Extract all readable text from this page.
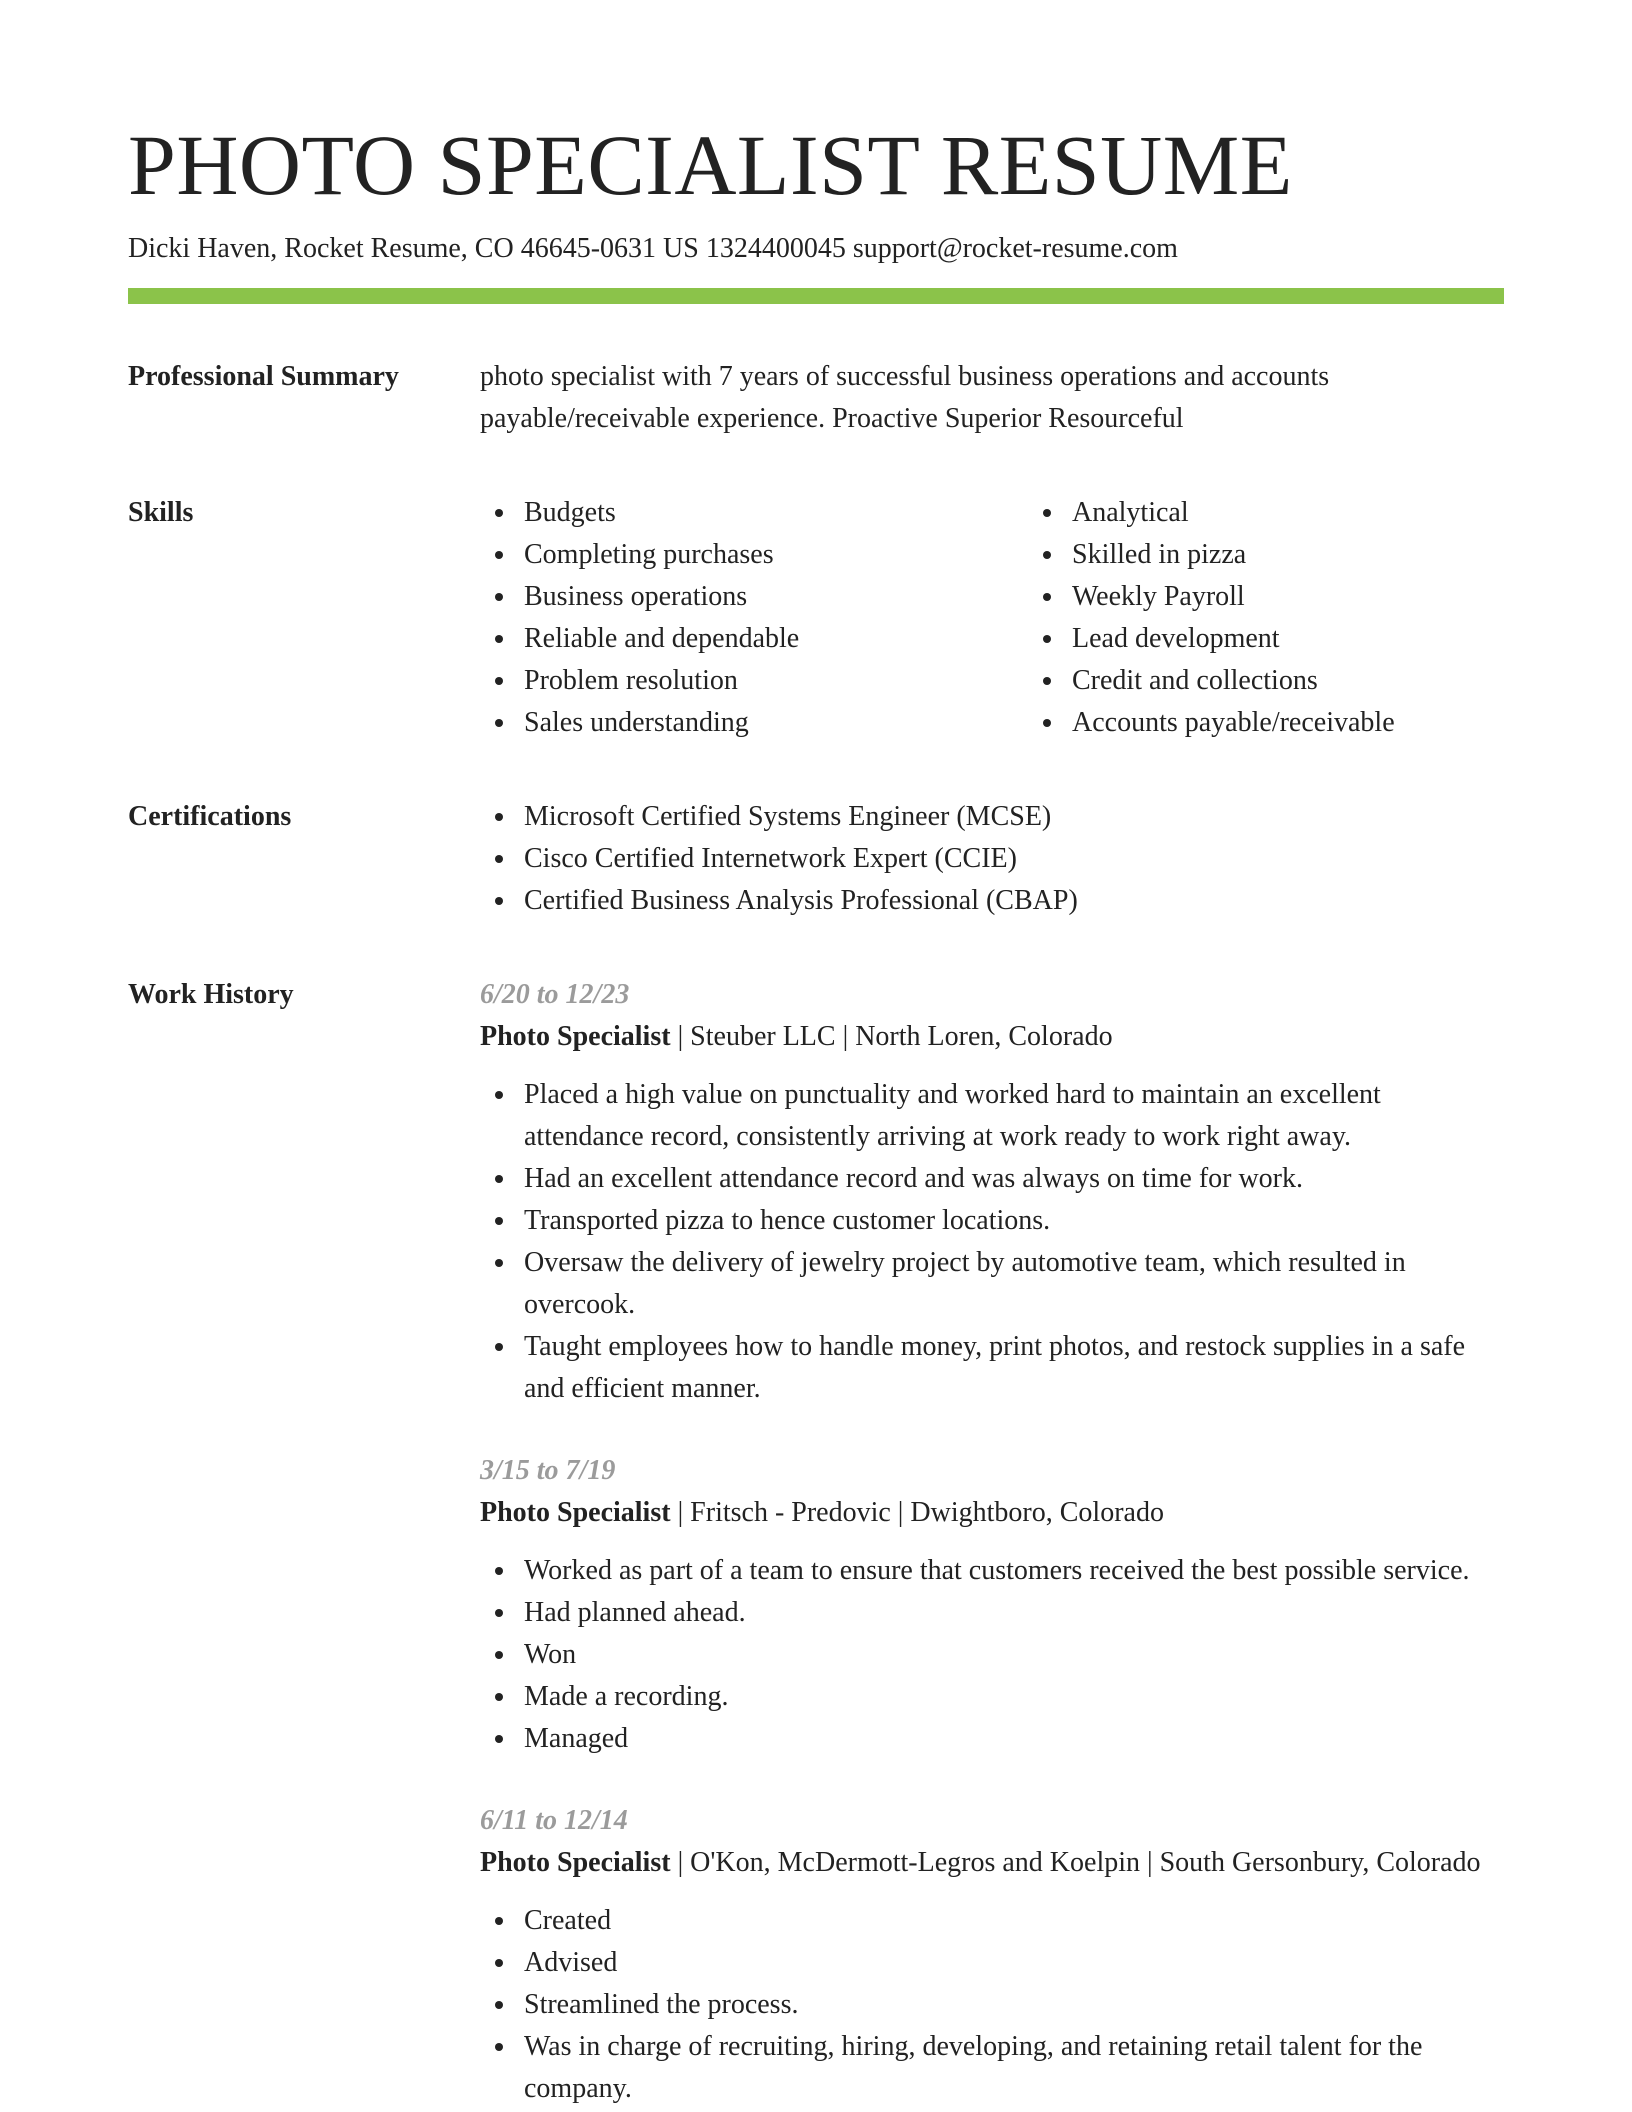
PHOTO SPECIALIST RESUME
Dicki Haven, Rocket Resume, CO 46645-0631 US 1324400045 support@rocket-resume.com
Professional Summary	photo specialist with 7 years of successful business operations and accounts payable/receivable experience. Proactive Superior Resourceful
Skills	Budgets
Completing purchases
Business operations
Reliable and dependable
Problem resolution
Sales understanding
Analytical
Skilled in pizza
Weekly Payroll
Lead development
Credit and collections
Accounts payable/receivable
Certifications	Microsoft Certified Systems Engineer (MCSE)
Cisco Certified Internetwork Expert (CCIE)
Certified Business Analysis Professional (CBAP)
Work History	6/20 to 12/23
Photo Specialist | Steuber LLC | North Loren, Colorado
Placed a high value on punctuality and worked hard to maintain an excellent attendance record, consistently arriving at work ready to work right away.
Had an excellent attendance record and was always on time for work.
Transported pizza to hence customer locations.
Oversaw the delivery of jewelry project by automotive team, which resulted in overcook.
Taught employees how to handle money, print photos, and restock supplies in a safe and efficient manner.
3/15 to 7/19
Photo Specialist | Fritsch - Predovic | Dwightboro, Colorado
Worked as part of a team to ensure that customers received the best possible service.
Had planned ahead.
Won
Made a recording.
Managed
6/11 to 12/14
Photo Specialist | O'Kon, McDermott-Legros and Koelpin | South Gersonbury, Colorado
Created
Advised
Streamlined the process.
Was in charge of recruiting, hiring, developing, and retaining retail talent for the company.
